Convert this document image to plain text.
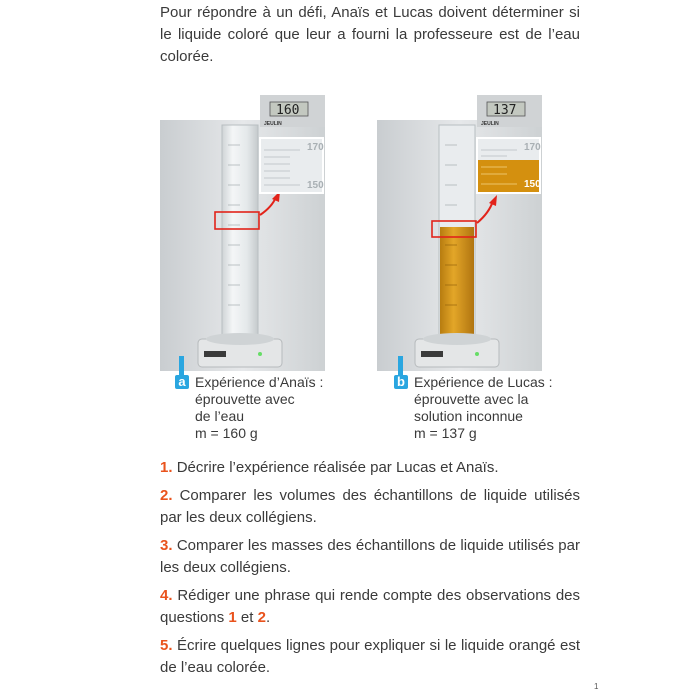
Pour répondre à un défi, Anaïs et Lucas doivent déterminer si le liquide coloré que leur a fourni la professeure est de l’eau colorée.
170
150
160
JEULIN
170
150
137
JEULIN
a Expérience d’Anaïs :
éprouvette avec
de l’eau
m = 160 g
b Expérience de Lucas :
éprouvette avec la
solution inconnue
m = 137 g

1. Décrire l’expérience réalisée par Lucas et Anaïs.

2. Comparer les volumes des échantillons de liquide utilisés par les deux collégiens.

3. Comparer les masses des échantillons de liquide utilisés par les deux collégiens.

4. Rédiger une phrase qui rende compte des observations des questions 1 et 2.

5. Écrire quelques lignes pour expliquer si le liquide orangé est de l’eau colorée.

1
